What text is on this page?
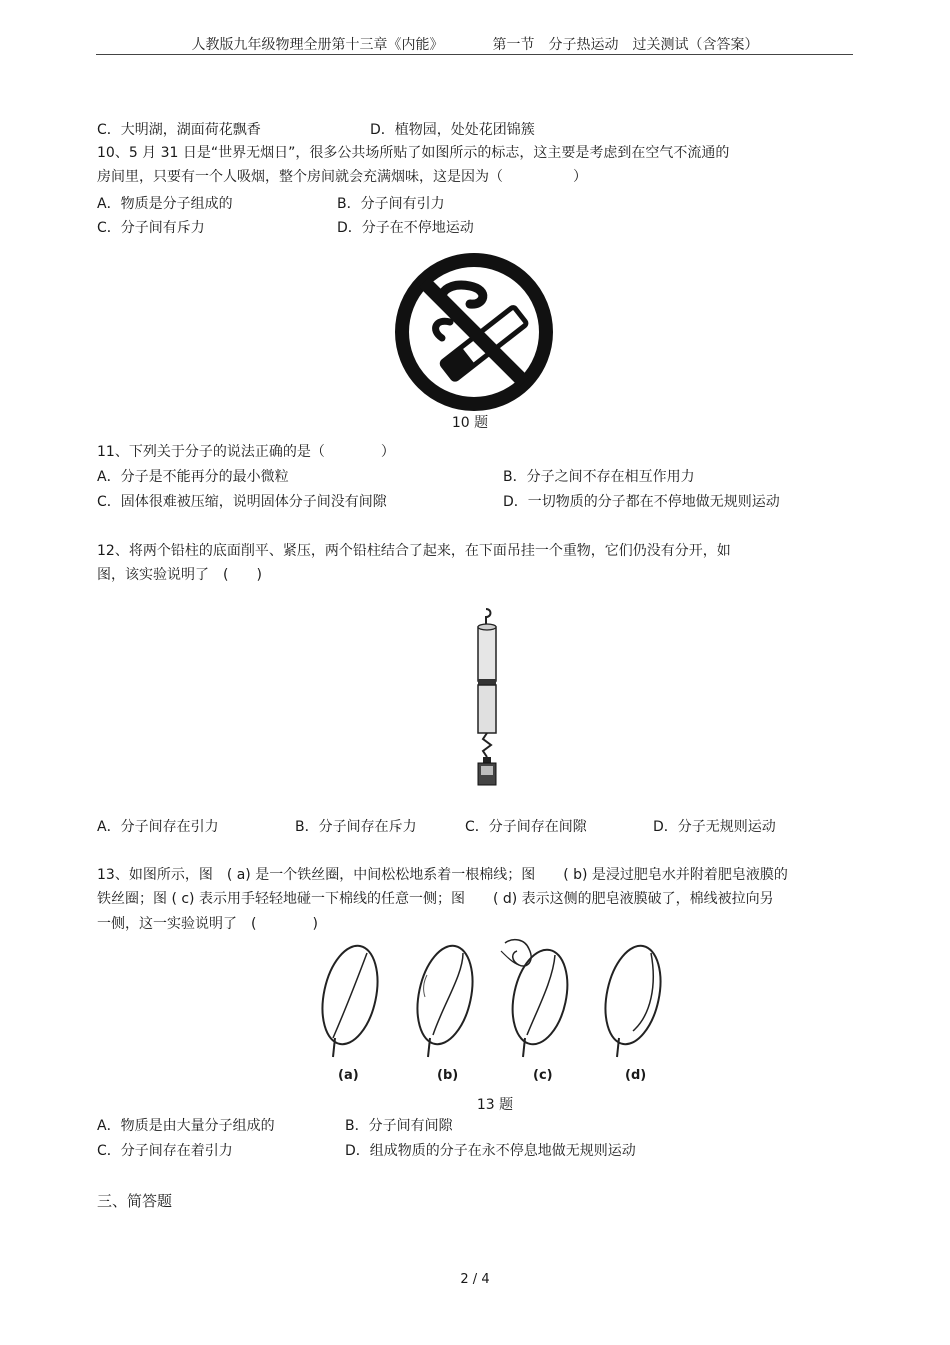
人教版九年级物理全册第十三章《内能》	第一节　分子热运动　过关测试（含答案）
C．大明湖，湖面荷花飘香	D．植物园，处处花团锦簇
10、5 月 31 日是“世界无烟日”，很多公共场所贴了如图所示的标志，这主要是考虑到在空气不流通的
房间里，只要有一个人吸烟，整个房间就会充满烟味，这是因为（　　　　　）
A．物质是分子组成的	B．分子间有引力
C．分子间有斥力	D．分子在不停地运动
10 题
11、下列关于分子的说法正确的是（　　　　）
A．分子是不能再分的最小微粒	B．分子之间不存在相互作用力
C．固体很难被压缩，说明固体分子间没有间隙	D．一切物质的分子都在不停地做无规则运动
12、将两个铅柱的底面削平、紧压，两个铅柱结合了起来，在下面吊挂一个重物，它们仍没有分开，如
图，该实验说明了　(　　)
A．分子间存在引力	B．分子间存在斥力	C．分子间存在间隙	D．分子无规则运动
13、如图所示，图　( a) 是一个铁丝圈，中间松松地系着一根棉线；图　　( b) 是浸过肥皂水并附着肥皂液膜的
铁丝圈；图 ( c) 表示用手轻轻地碰一下棉线的任意一侧；图　　( d) 表示这侧的肥皂液膜破了，棉线被拉向另
一侧，这一实验说明了　(　　　　)
(a)	(b)	(c)	(d)
13 题
A．物质是由大量分子组成的	B．分子间有间隙
C．分子间存在着引力	D．组成物质的分子在永不停息地做无规则运动
三、简答题
2 / 4
